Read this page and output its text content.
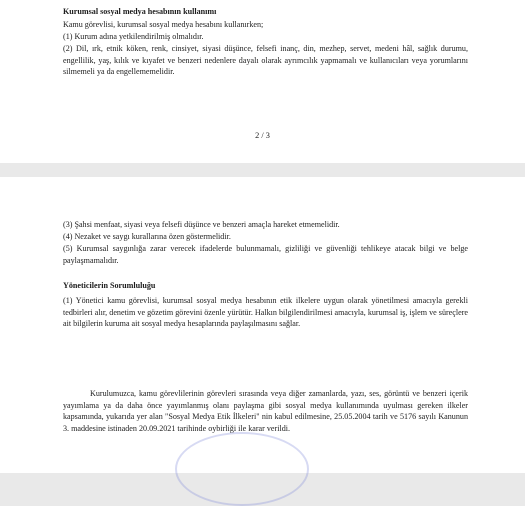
Kurumsal sosyal medya hesabının kullanımı

Kamu görevlisi, kurumsal sosyal medya hesabını kullanırken;

(1) Kurum adına yetkilendirilmiş olmalıdır.

(2) Dil, ırk, etnik köken, renk, cinsiyet, siyasi düşünce, felsefi inanç, din, mezhep, servet, medeni hâl, sağlık durumu, engellilik, yaş, kılık ve kıyafet ve benzeri nedenlere dayalı olarak ayrımcılık yapmamalı ve kullanıcıları veya yorumlarını silmemeli ya da engellememelidir.

2 / 3

(3) Şahsi menfaat, siyasi veya felsefi düşünce ve benzeri amaçla hareket etmemelidir.

(4) Nezaket ve saygı kurallarına özen göstermelidir.

(5) Kurumsal saygınlığa zarar verecek ifadelerde bulunmamalı, gizliliği ve güvenliği tehlikeye atacak bilgi ve belge paylaşmamalıdır.

Yöneticilerin Sorumluluğu

(1) Yönetici kamu görevlisi, kurumsal sosyal medya hesabının etik ilkelere uygun olarak yönetilmesi amacıyla gerekli tedbirleri alır, denetim ve gözetim görevini özenle yürütür. Halkın bilgilendirilmesi amacıyla, kurumsal iş, işlem ve süreçlere ait bilgilerin kuruma ait sosyal medya hesaplarında paylaşılmasını sağlar.

Kurulumuzca, kamu görevlilerinin görevleri sırasında veya diğer zamanlarda, yazı, ses, görüntü ve benzeri içerik yayımlama ya da daha önce yayımlanmış olanı paylaşma gibi sosyal medya kullanımında uyulması gereken ilkeler kapsamında, yukarıda yer alan "Sosyal Medya Etik İlkeleri" nin kabul edilmesine, 25.05.2004 tarih ve 5176 sayılı Kanunun 3. maddesine istinaden 20.09.2021 tarihinde oybirliği ile karar verildi.
